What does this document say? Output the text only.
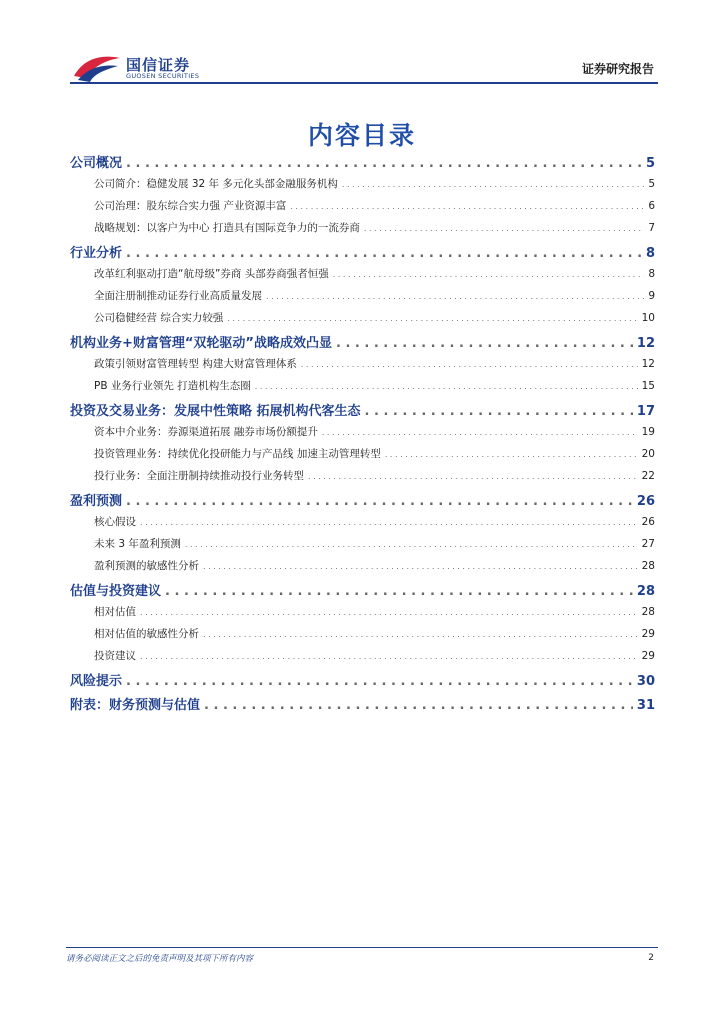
国信证券
GUOSEN SECURITIES	证券研究报告
内容目录
公司概况 . . .	5
公司简介：稳健发展 32 年 多元化头部金融服务机构 . . .	5
公司治理：股东综合实力强 产业资源丰富 . . .	6
战略规划：以客户为中心 打造具有国际竞争力的一流券商 . . .	7
行业分析 . . .	8
改革红利驱动打造“航母级”券商 头部券商强者恒强 . . .	8
全面注册制推动证券行业高质量发展 . . .	9
公司稳健经营 综合实力较强 . . .	10
机构业务+财富管理“双轮驱动”战略成效凸显 . . .	12
政策引领财富管理转型 构建大财富管理体系 . . .	12
PB 业务行业领先 打造机构生态圈 . . .	15
投资及交易业务：发展中性策略 拓展机构代客生态 . . .	17
资本中介业务：券源渠道拓展 融券市场份额提升 . . .	19
投资管理业务：持续优化投研能力与产品线 加速主动管理转型 . . .	20
投行业务：全面注册制持续推动投行业务转型 . . .	22
盈利预测 . . .	26
核心假设 . . .	26
未来 3 年盈利预测 . . .	27
盈利预测的敏感性分析 . . .	28
估值与投资建议 . . .	28
相对估值 . . .	28
相对估值的敏感性分析 . . .	29
投资建议 . . .	29
风险提示 . . .	30
附表：财务预测与估值 . . .	31
请务必阅读正文之后的免责声明及其项下所有内容	2
